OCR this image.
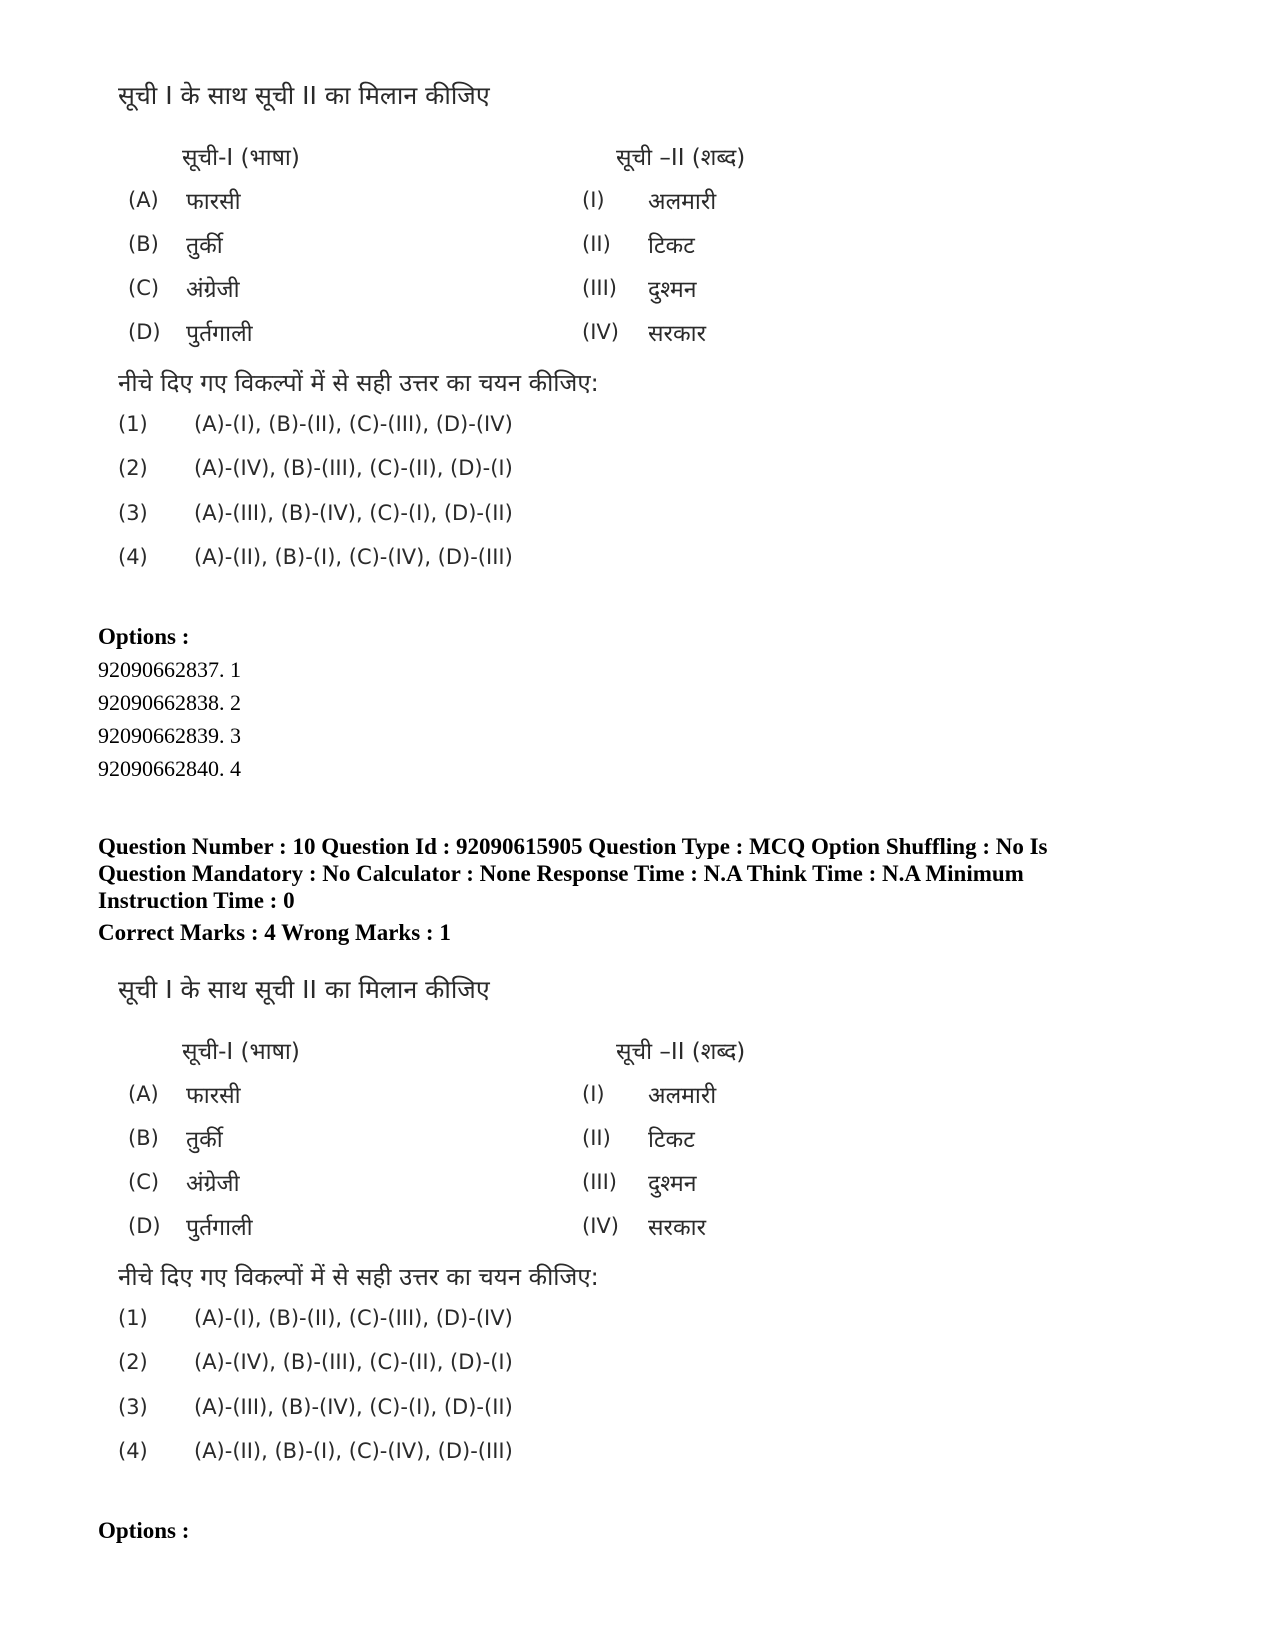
सूची I के साथ सूची II का मिलान कीजिए
सूची-I (भाषा)	सूची –II (शब्द)
(A) फारसी	(I) अलमारी
(B) तुर्की	(II) टिकट
(C) अंग्रेजी	(III) दुश्मन
(D) पुर्तगाली	(IV) सरकार
नीचे दिए गए विकल्पों में से सही उत्तर का चयन कीजिए:
(1) (A)-(I), (B)-(II), (C)-(III), (D)-(IV)
(2) (A)-(IV), (B)-(III), (C)-(II), (D)-(I)
(3) (A)-(III), (B)-(IV), (C)-(I), (D)-(II)
(4) (A)-(II), (B)-(I), (C)-(IV), (D)-(III)
Options :
92090662837. 1
92090662838. 2
92090662839. 3
92090662840. 4
Question Number : 10 Question Id : 92090615905 Question Type : MCQ Option Shuffling : No Is
Question Mandatory : No Calculator : None Response Time : N.A Think Time : N.A Minimum
Instruction Time : 0
Correct Marks : 4 Wrong Marks : 1
सूची I के साथ सूची II का मिलान कीजिए
सूची-I (भाषा)	सूची –II (शब्द)
(A) फारसी	(I) अलमारी
(B) तुर्की	(II) टिकट
(C) अंग्रेजी	(III) दुश्मन
(D) पुर्तगाली	(IV) सरकार
नीचे दिए गए विकल्पों में से सही उत्तर का चयन कीजिए:
(1) (A)-(I), (B)-(II), (C)-(III), (D)-(IV)
(2) (A)-(IV), (B)-(III), (C)-(II), (D)-(I)
(3) (A)-(III), (B)-(IV), (C)-(I), (D)-(II)
(4) (A)-(II), (B)-(I), (C)-(IV), (D)-(III)
Options :
